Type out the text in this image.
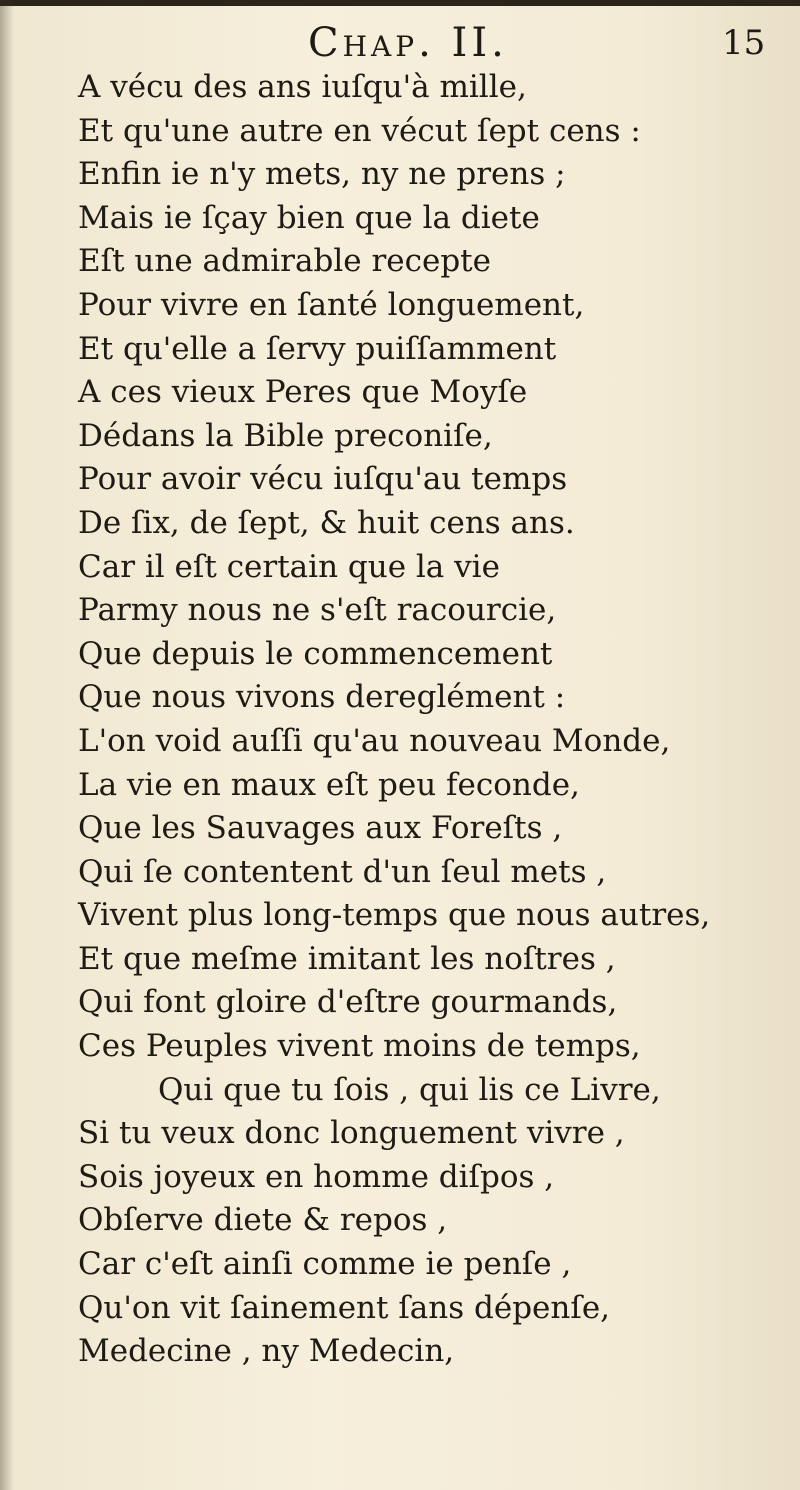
Chap. II.	15
A vécu des ans iuſqu'à mille,
Et qu'une autre en vécut ſept cens :
Enfin ie n'y mets, ny ne prens ;
Mais ie ſçay bien que la diete
Eſt une admirable recepte
Pour vivre en ſanté longuement,
Et qu'elle a ſervy puiſſamment
A ces vieux Peres que Moyſe
Dédans la Bible preconiſe,
Pour avoir vécu iuſqu'au temps
De ſix, de ſept, & huit cens ans.
Car il eſt certain que la vie
Parmy nous ne s'eſt racourcie,
Que depuis le commencement
Que nous vivons dereglément :
L'on void auſſi qu'au nouveau Monde,
La vie en maux eſt peu feconde,
Que les Sauvages aux Foreſts ,
Qui ſe contentent d'un ſeul mets ,
Vivent plus long-temps que nous autres,
Et que meſme imitant les noſtres ,
Qui font gloire d'eſtre gourmands,
Ces Peuples vivent moins de temps,
Qui que tu ſois , qui lis ce Livre,
Si tu veux donc longuement vivre ,
Sois joyeux en homme diſpos ,
Obſerve diete & repos ,
Car c'eſt ainſi comme ie penſe ,
Qu'on vit ſainement ſans dépenſe,
Medecine , ny Medecin,
